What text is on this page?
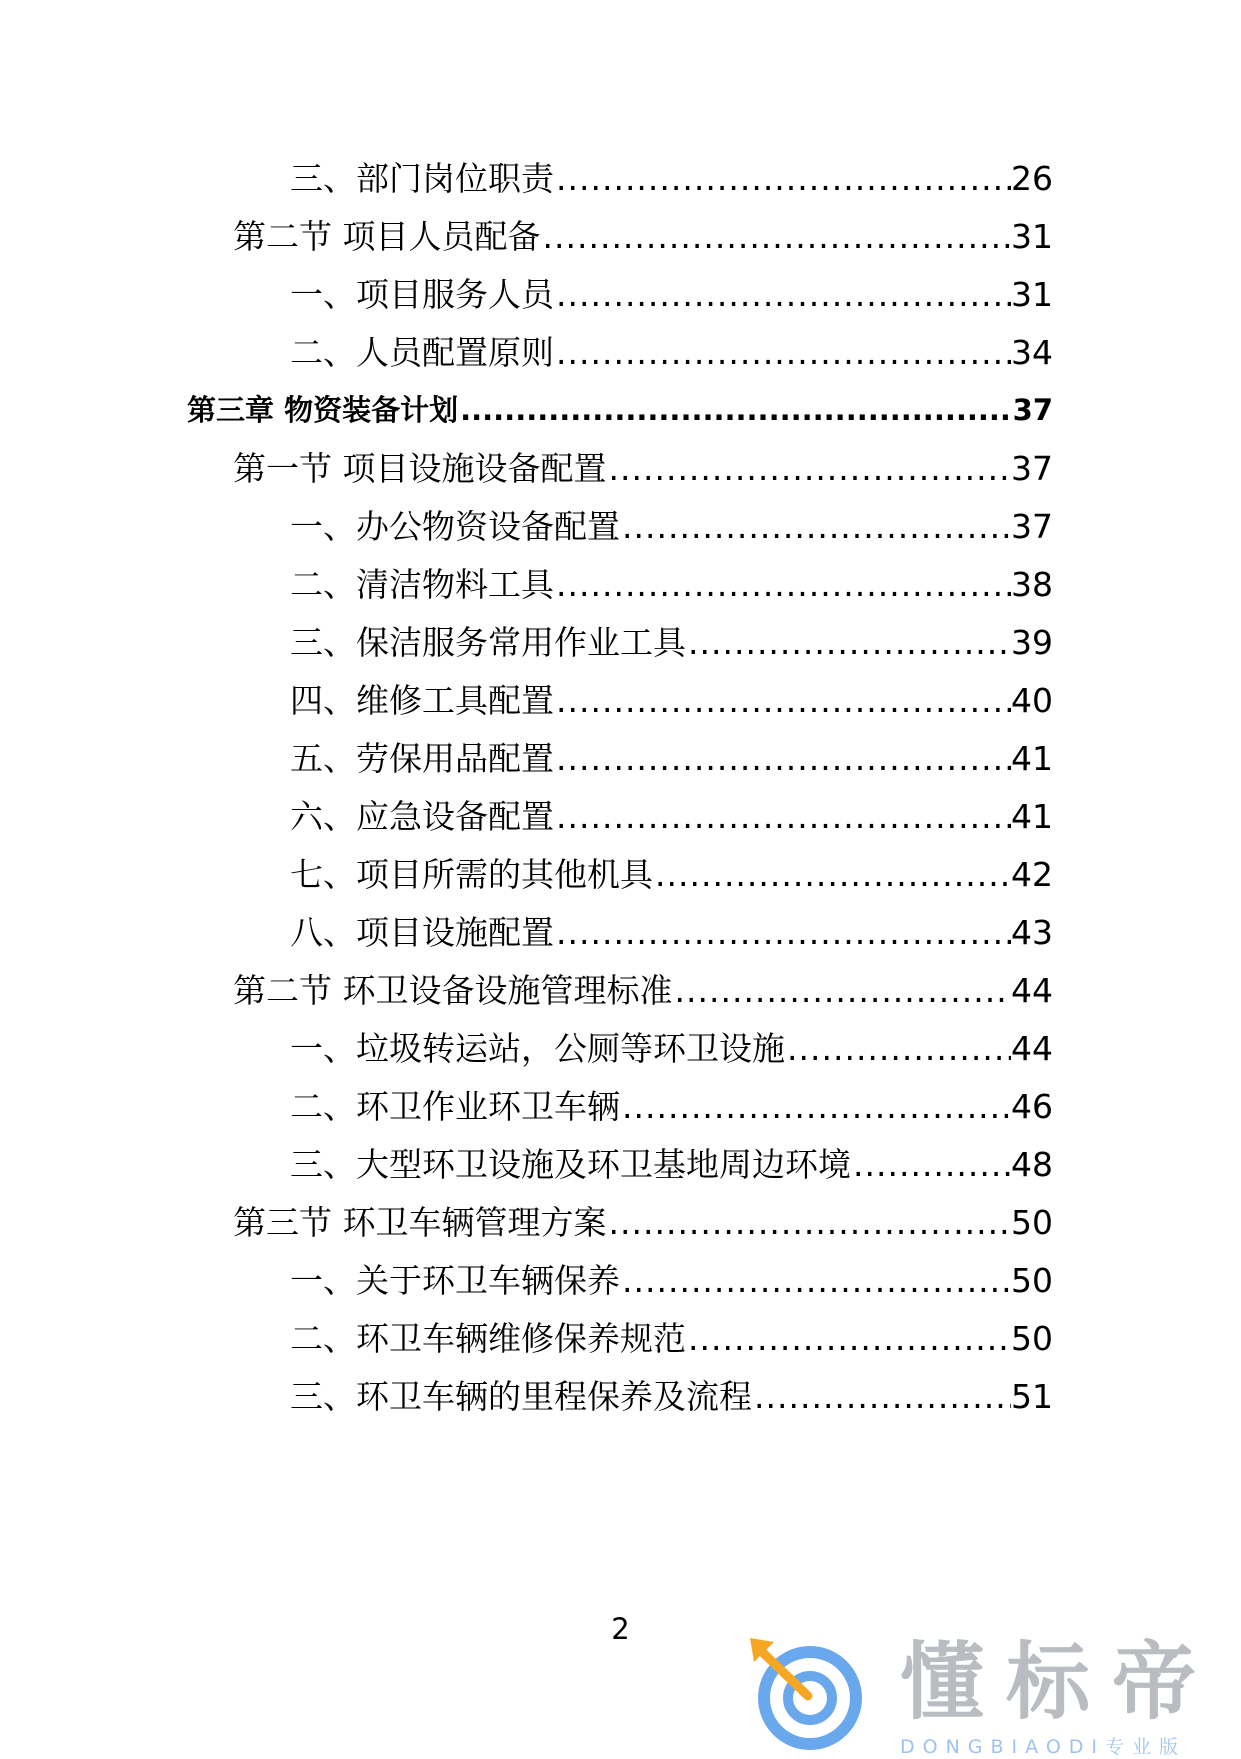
三、部门岗位职责 .....	26
第二节 项目人员配备 .....	31
一、项目服务人员 .....	31
二、人员配置原则 .....	34
第三章 物资装备计划 .....	37
第一节 项目设施设备配置 .....	37
一、办公物资设备配置 .....	37
二、清洁物料工具 .....	38
三、保洁服务常用作业工具 .....	39
四、维修工具配置 .....	40
五、劳保用品配置 .....	41
六、应急设备配置 .....	41
七、项目所需的其他机具 .....	42
八、项目设施配置 .....	43
第二节 环卫设备设施管理标准 .....	44
一、垃圾转运站，公厕等环卫设施 .....	44
二、环卫作业环卫车辆 .....	46
三、大型环卫设施及环卫基地周边环境 .....	48
第三节 环卫车辆管理方案 .....	50
一、关于环卫车辆保养 .....	50
二、环卫车辆维修保养规范 .....	50
三、环卫车辆的里程保养及流程 .....	51
2
懂标帝
DONGBIAODI专业版
